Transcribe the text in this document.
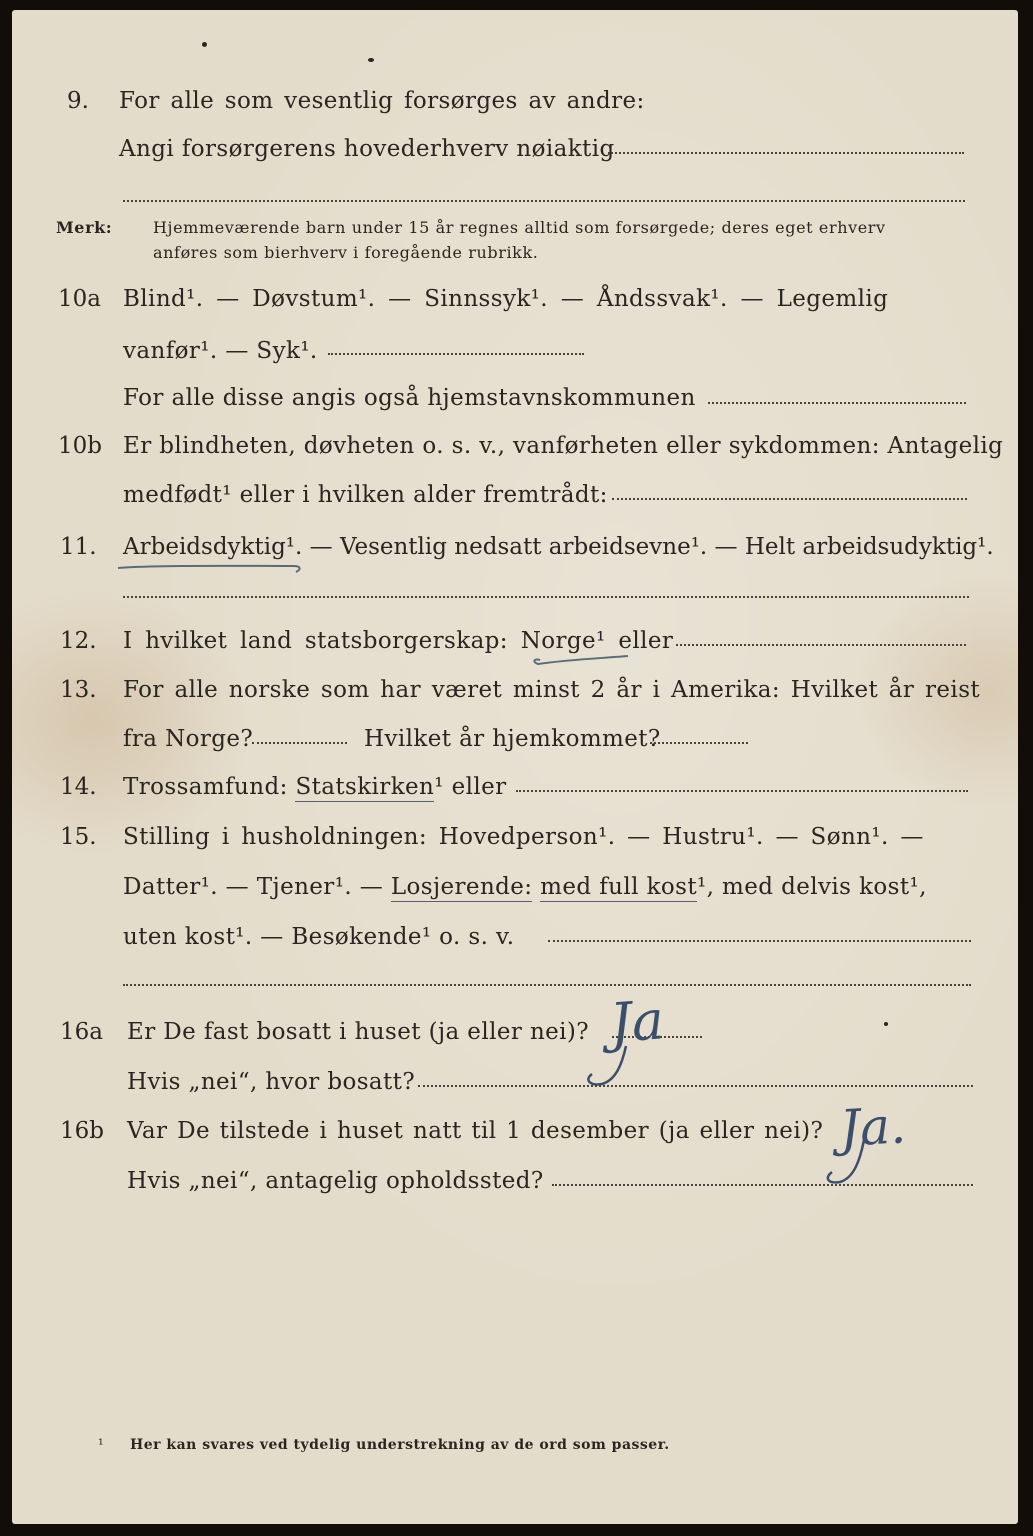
9. For alle som vesentlig forsørges av andre:
Angi forsørgerens hovederhverv nøiaktig
Merk:	Hjemmeværende barn under 15 år regnes alltid som forsørgede; deres eget erhverv
anføres som bierhverv i foregående rubrikk.
10a Blind¹. — Døvstum¹. — Sinnssyk¹. — Åndssvak¹. — Legemlig
vanfør¹. — Syk¹.
For alle disse angis også hjemstavnskommunen
10b Er blindheten, døvheten o. s. v., vanførheten eller sykdommen: Antagelig
medfødt¹ eller i hvilken alder fremtrådt:
11. Arbeidsdyktig¹. — Vesentlig nedsatt arbeidsevne¹. — Helt arbeidsudyktig¹.
12. I hvilket land statsborgerskap: Norge¹ eller
13. For alle norske som har været minst 2 år i Amerika: Hvilket år reist
fra Norge?	Hvilket år hjemkommet?
14. Trossamfund: Statskirken¹ eller
15. Stilling i husholdningen: Hovedperson¹. — Hustru¹. — Sønn¹. —
Datter¹. — Tjener¹. — Losjerende: med full kost¹, med delvis kost¹,
uten kost¹. — Besøkende¹ o. s. v.
16a Er De fast bosatt i huset (ja eller nei)? Ja
Hvis „nei“, hvor bosatt?
16b Var De tilstede i huset natt til 1 desember (ja eller nei)? Ja.
Hvis „nei“, antagelig opholdssted?
¹ Her kan svares ved tydelig understrekning av de ord som passer.
